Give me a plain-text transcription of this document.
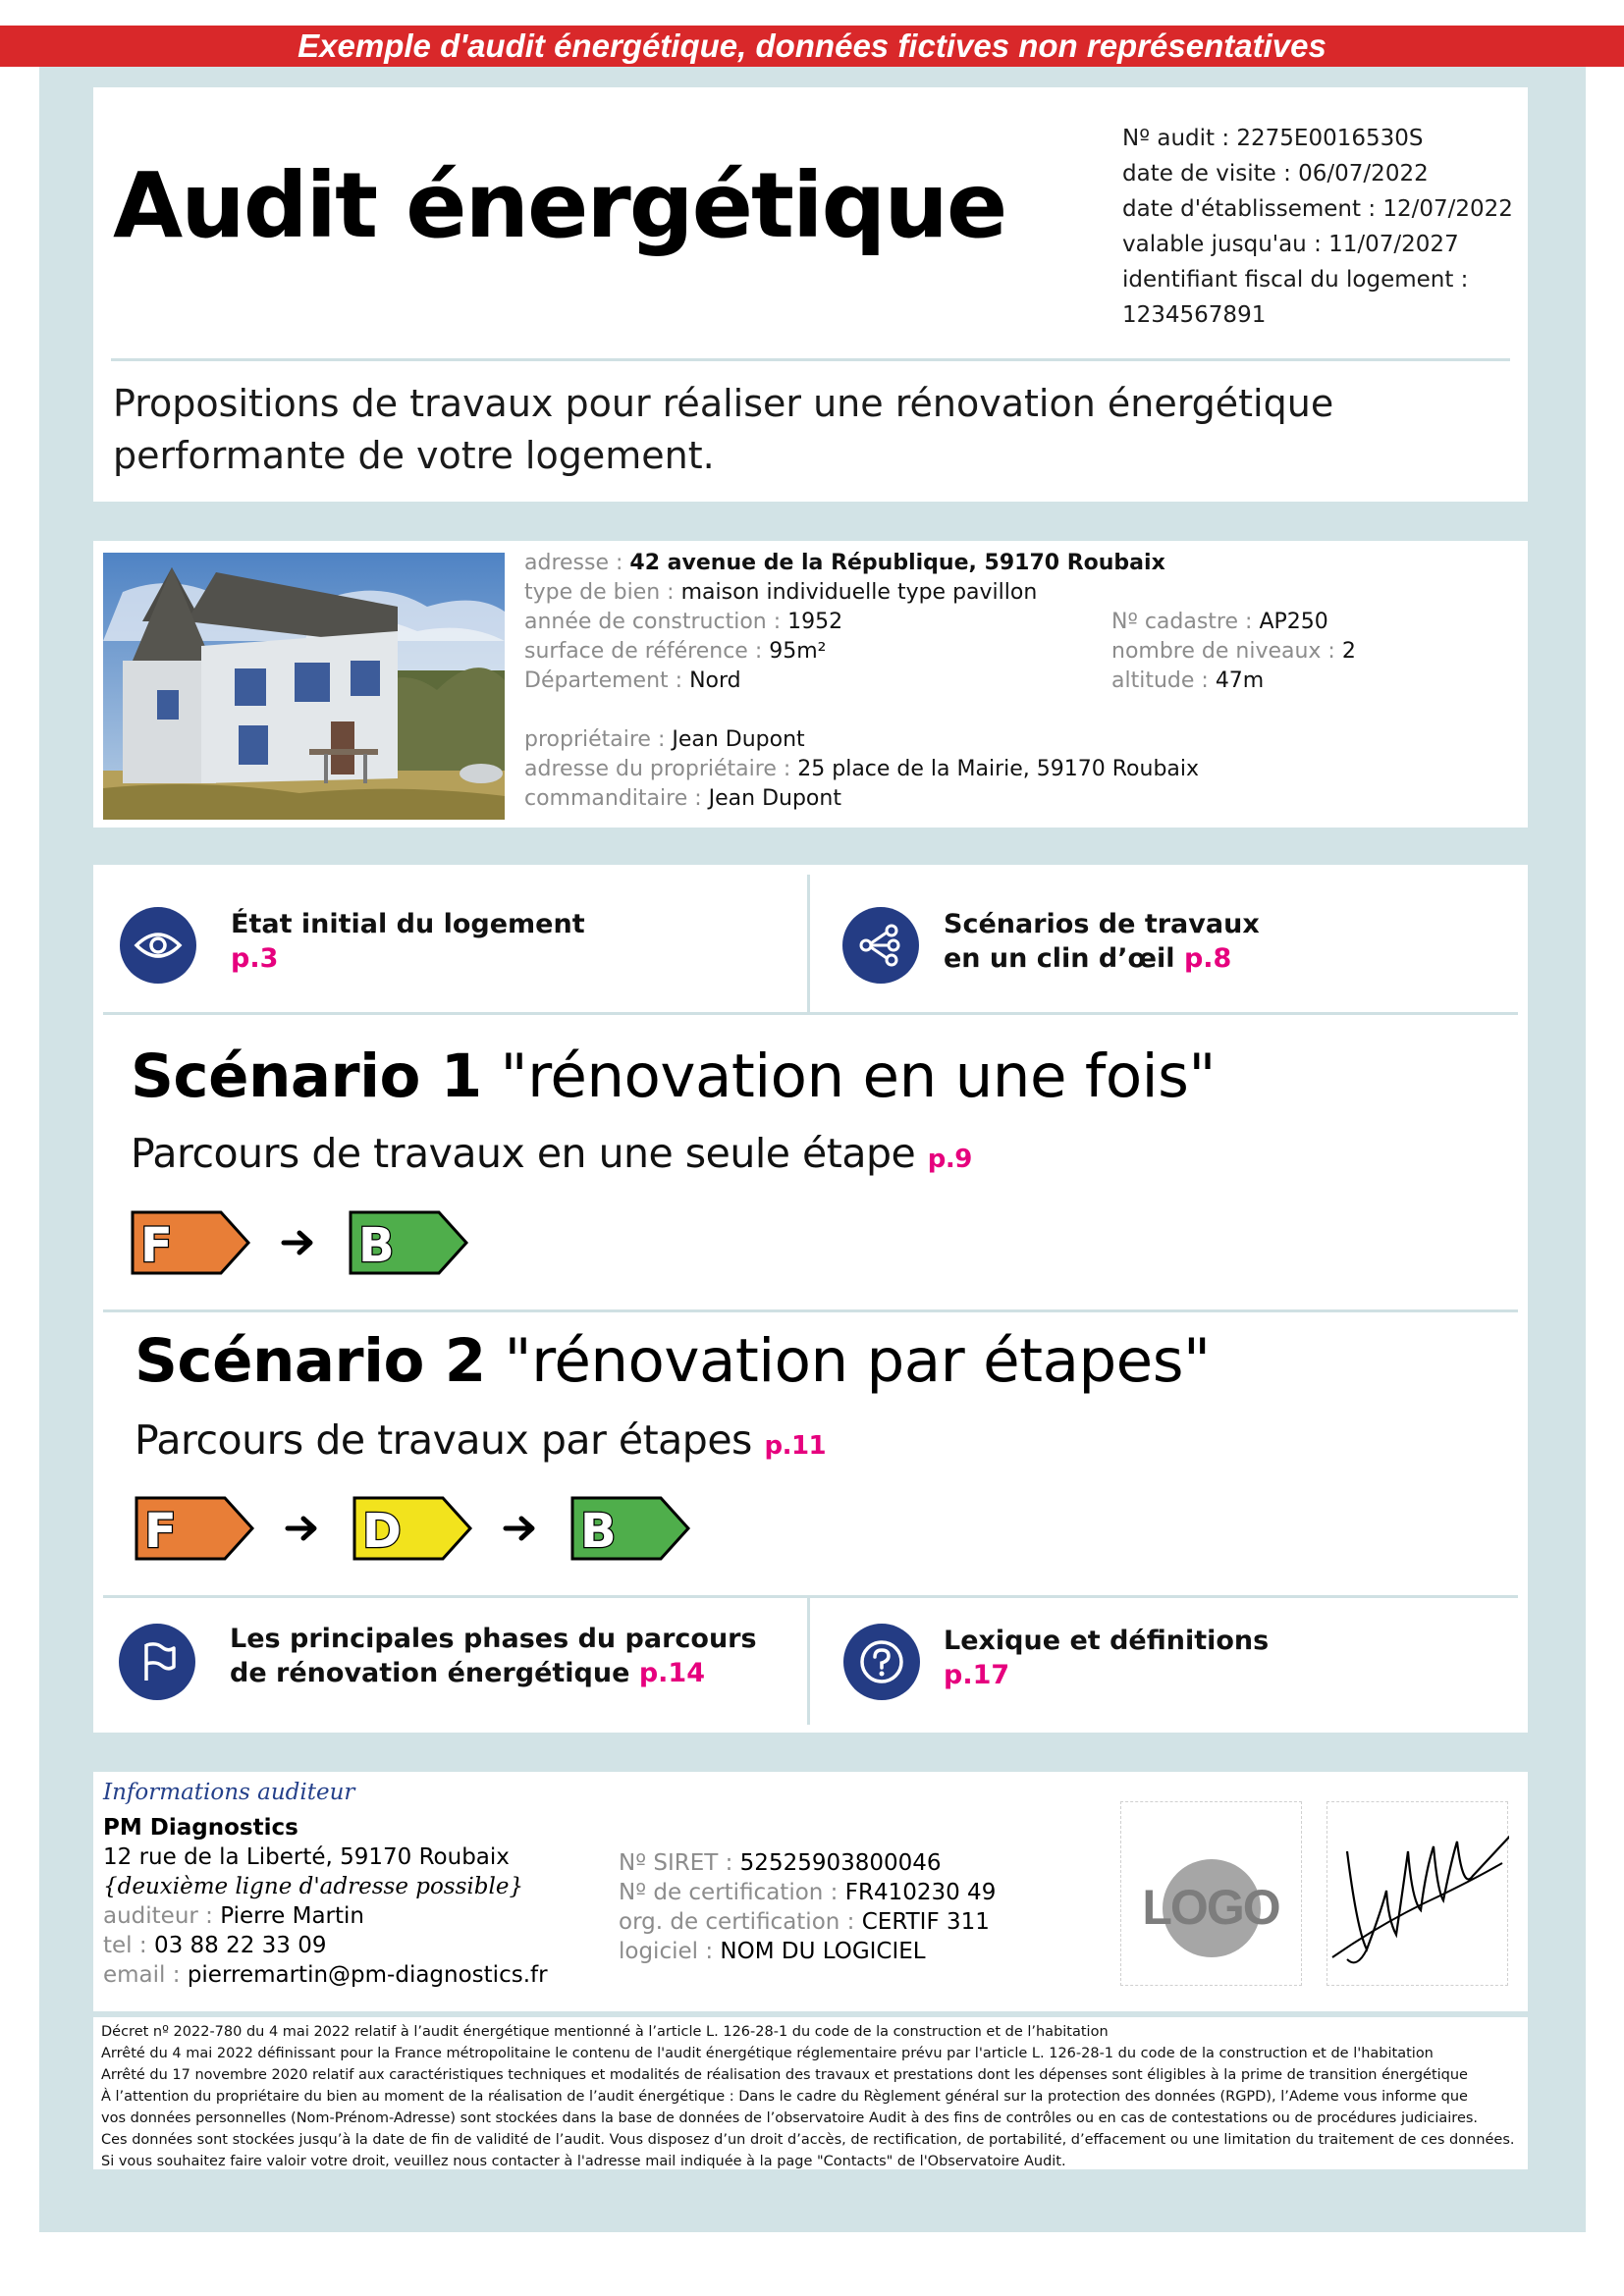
Exemple d'audit énergétique, données fictives non représentatives
Audit énergétique
Nº audit : 2275E0016530S
date de visite : 06/07/2022
date d'établissement : 12/07/2022
valable jusqu'au : 11/07/2027
identifiant fiscal du logement :
1234567891
Propositions de travaux pour réaliser une rénovation énergétique performante de votre logement.
adresse : 42 avenue de la République, 59170 Roubaix
type de bien : maison individuelle type pavillon
année de construction : 1952
surface de référence : 95m²
Département : Nord
propriétaire : Jean Dupont
adresse du propriétaire : 25 place de la Mairie, 59170 Roubaix
commanditaire : Jean Dupont
Nº cadastre : AP250
nombre de niveaux : 2
altitude : 47m
État initial du logement
p.3
Scénarios de travaux
en un clin d’œil p.8
Scénario 1 "rénovation en une fois"
Parcours de travaux en une seule étape p.9
F	B
Scénario 2 "rénovation par étapes"
Parcours de travaux par étapes p.11
F	D	B
Les principales phases du parcours
de rénovation énergétique p.14
Lexique et définitions
p.17
Informations auditeur
PM Diagnostics
12 rue de la Liberté, 59170 Roubaix
{deuxième ligne d'adresse possible}
auditeur : Pierre Martin
tel : 03 88 22 33 09
email : pierremartin@pm-diagnostics.fr
Nº SIRET : 52525903800046
Nº de certification : FR410230 49
org. de certification : CERTIF 311
logiciel : NOM DU LOGICIEL
LOGO
Décret nº 2022-780 du 4 mai 2022 relatif à l’audit énergétique mentionné à l’article L. 126-28-1 du code de la construction et de l’habitation
Arrêté du 4 mai 2022 définissant pour la France métropolitaine le contenu de l'audit énergétique réglementaire prévu par l'article L. 126-28-1 du code de la construction et de l'habitation
Arrêté du 17 novembre 2020 relatif aux caractéristiques techniques et modalités de réalisation des travaux et prestations dont les dépenses sont éligibles à la prime de transition énergétique
À l’attention du propriétaire du bien au moment de la réalisation de l’audit énergétique : Dans le cadre du Règlement général sur la protection des données (RGPD), l’Ademe vous informe que
vos données personnelles (Nom-Prénom-Adresse) sont stockées dans la base de données de l’observatoire Audit à des fins de contrôles ou en cas de contestations ou de procédures judiciaires.
Ces données sont stockées jusqu’à la date de fin de validité de l’audit. Vous disposez d’un droit d’accès, de rectification, de portabilité, d’effacement ou une limitation du traitement de ces données.
Si vous souhaitez faire valoir votre droit, veuillez nous contacter à l'adresse mail indiquée à la page "Contacts" de l'Observatoire Audit.
